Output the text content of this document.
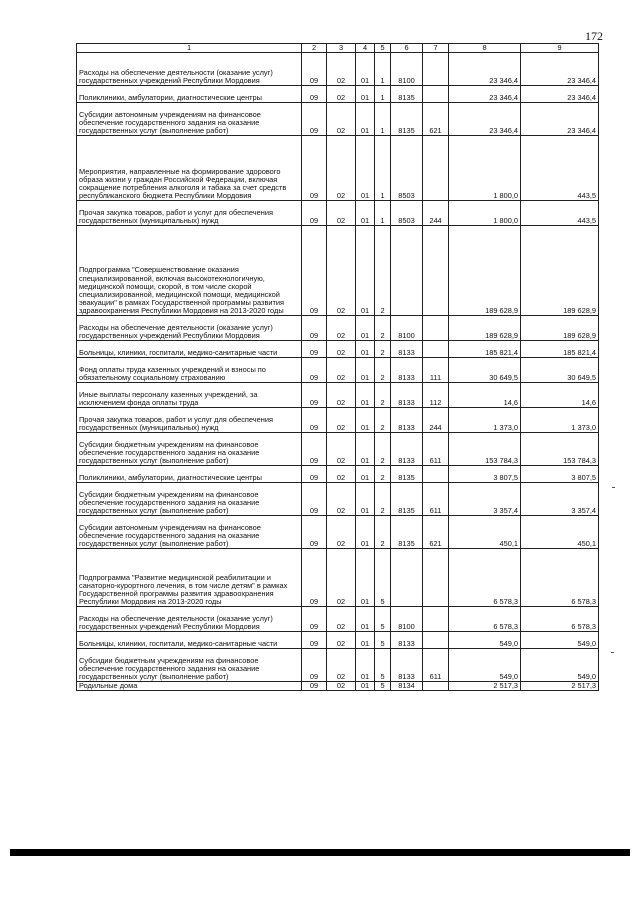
172
1	2	3	4	5	6	7	8	9
Расходы на обеспечение деятельности (оказание услуг) государственных учреждений Республики Мордовия	09	02	01	1	8100		23 346,4	23 346,4
Поликлиники, амбулатории, диагностические центры	09	02	01	1	8135		23 346,4	23 346,4
Субсидии автономным учреждениям на финансовое обеспечение государственного задания на оказание государственных услуг (выполнение работ)	09	02	01	1	8135	621	23 346,4	23 346,4
Мероприятия, направленные на формирование здорового образа жизни у граждан Российской Федерации, включая сокращение потребления алкоголя и табака за счет средств республиканского бюджета Республики Мордовия	09	02	01	1	8503		1 800,0	443,5
Прочая закупка товаров, работ и услуг для обеспечения государственных (муниципальных) нужд	09	02	01	1	8503	244	1 800,0	443,5
Подпрограмма "Совершенствование оказания специализированной, включая высокотехнологичную, медицинской помощи, скорой, в том числе скорой специализированной, медицинской помощи, медицинской эвакуации" в рамках Государственной программы развития здравоохранения Республики Мордовия на 2013-2020 годы	09	02	01	2			189 628,9	189 628,9
Расходы на обеспечение деятельности (оказание услуг) государственных учреждений Республики Мордовия	09	02	01	2	8100		189 628,9	189 628,9
Больницы, клиники, госпитали, медико-санитарные части	09	02	01	2	8133		185 821,4	185 821,4
Фонд оплаты труда казенных учреждений и взносы по обязательному социальному страхованию	09	02	01	2	8133	111	30 649,5	30 649,5
Иные выплаты персоналу казенных учреждений, за исключением фонда оплаты труда	09	02	01	2	8133	112	14,6	14,6
Прочая закупка товаров, работ и услуг для обеспечения государственных (муниципальных) нужд	09	02	01	2	8133	244	1 373,0	1 373,0
Субсидии бюджетным учреждениям на финансовое обеспечение государственного задания на оказание государственных услуг (выполнение работ)	09	02	01	2	8133	611	153 784,3	153 784,3
Поликлиники, амбулатории, диагностические центры	09	02	01	2	8135		3 807,5	3 807,5
Субсидии бюджетным учреждениям на финансовое обеспечение государственного задания на оказание государственных услуг (выполнение работ)	09	02	01	2	8135	611	3 357,4	3 357,4
Субсидии автономным учреждениям на финансовое обеспечение государственного задания на оказание государственных услуг (выполнение работ)	09	02	01	2	8135	621	450,1	450,1
Подпрограмма "Развитие медицинской реабилитации и санаторно-курортного лечения, в том числе детям" в рамках Государственной программы развития здравоохранения Республики Мордовия на 2013-2020 годы	09	02	01	5			6 578,3	6 578,3
Расходы на обеспечение деятельности (оказание услуг) государственных учреждений Республики Мордовия	09	02	01	5	8100		6 578,3	6 578,3
Больницы, клиники, госпитали, медико-санитарные части	09	02	01	5	8133		549,0	549,0
Субсидии бюджетным учреждениям на финансовое обеспечение государственного задания на оказание государственных услуг (выполнение работ)	09	02	01	5	8133	611	549,0	549,0
Родильные дома	09	02	01	5	8134		2 517,3	2 517,3
